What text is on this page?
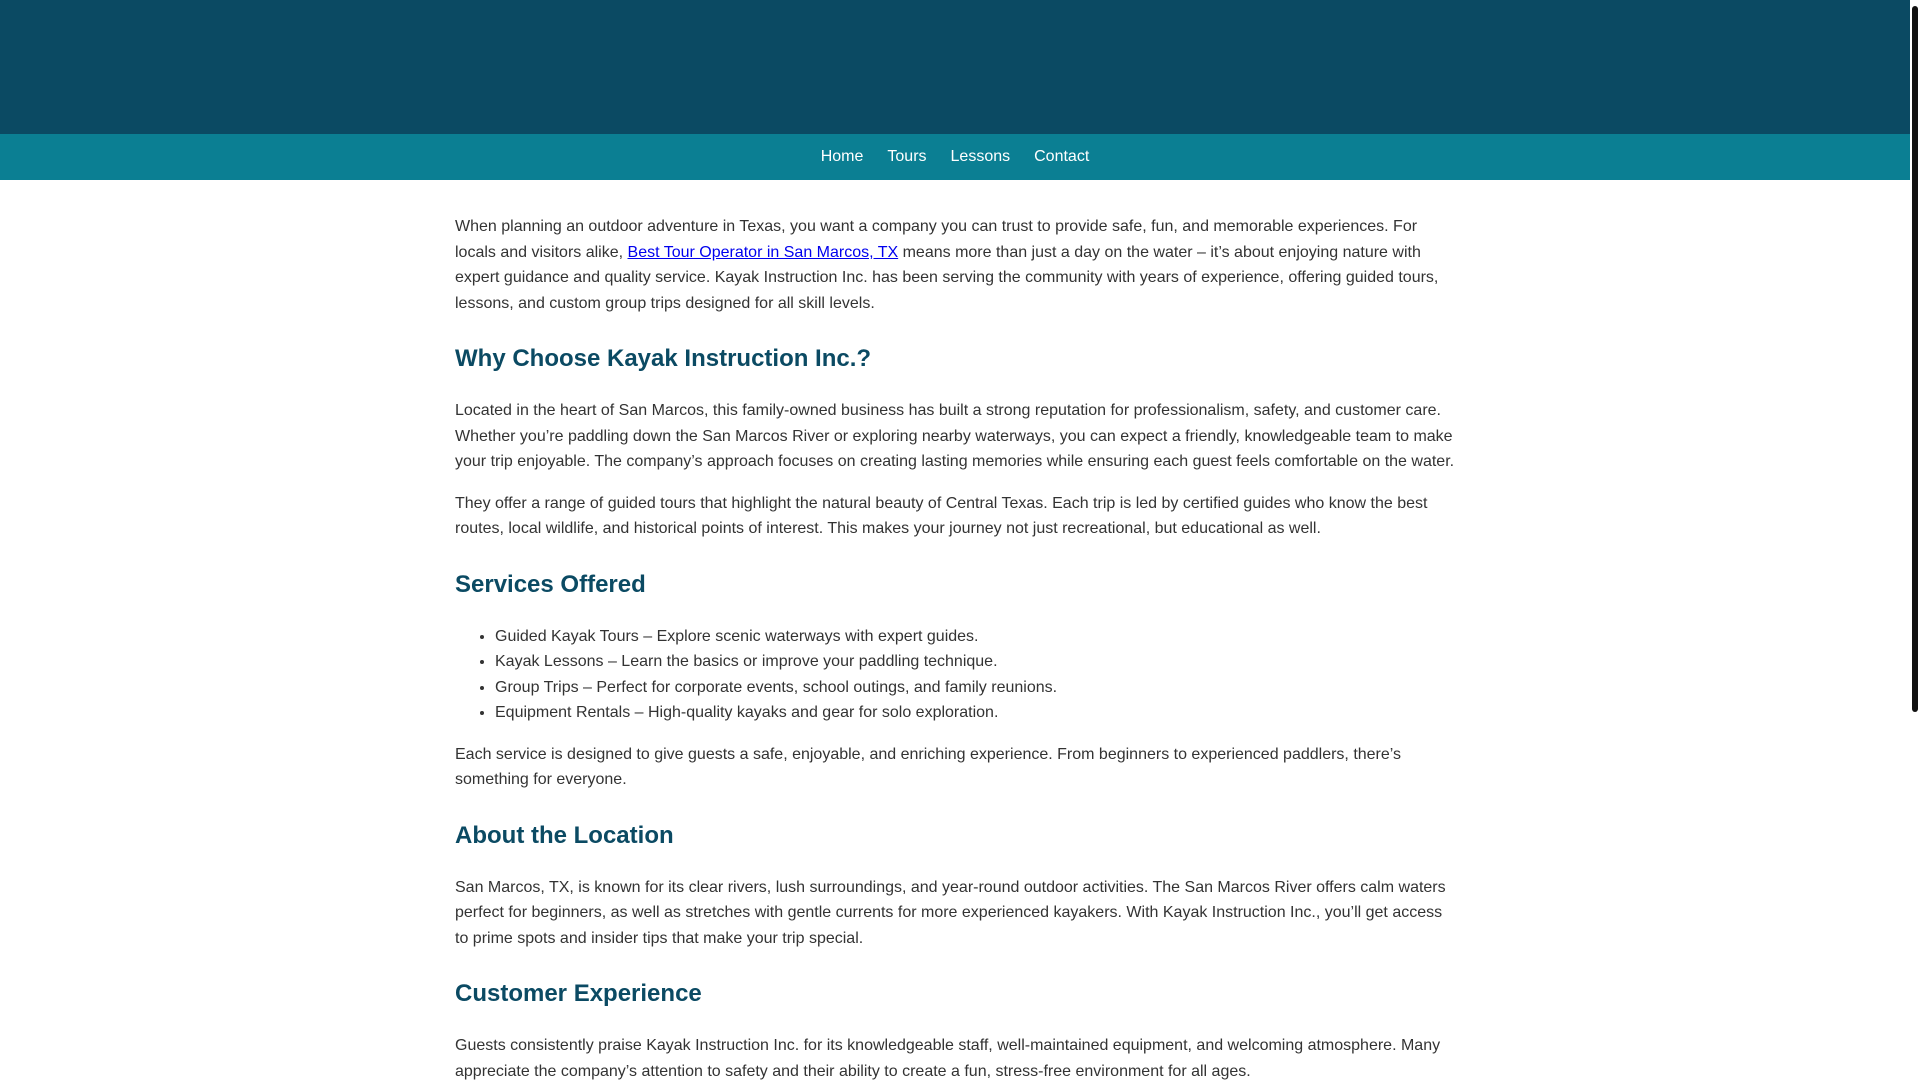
Home Tours Lessons Contact

When planning an outdoor adventure in Texas, you want a company you can trust to provide safe, fun, and memorable experiences. For locals and visitors alike, Best Tour Operator in San Marcos, TX means more than just a day on the water – it’s about enjoying nature with expert guidance and quality service. Kayak Instruction Inc. has been serving the community with years of experience, offering guided tours, lessons, and custom group trips designed for all skill levels.

Why Choose Kayak Instruction Inc.?

Located in the heart of San Marcos, this family-owned business has built a strong reputation for professionalism, safety, and customer care. Whether you’re paddling down the San Marcos River or exploring nearby waterways, you can expect a friendly, knowledgeable team to make your trip enjoyable. The company’s approach focuses on creating lasting memories while ensuring each guest feels comfortable on the water.

They offer a range of guided tours that highlight the natural beauty of Central Texas. Each trip is led by certified guides who know the best routes, local wildlife, and historical points of interest. This makes your journey not just recreational, but educational as well.

Services Offered
• Guided Kayak Tours – Explore scenic waterways with expert guides.
• Kayak Lessons – Learn the basics or improve your paddling technique.
• Group Trips – Perfect for corporate events, school outings, and family reunions.
• Equipment Rentals – High-quality kayaks and gear for solo exploration.

Each service is designed to give guests a safe, enjoyable, and enriching experience. From beginners to experienced paddlers, there’s something for everyone.

About the Location

San Marcos, TX, is known for its clear rivers, lush surroundings, and year-round outdoor activities. The San Marcos River offers calm waters perfect for beginners, as well as stretches with gentle currents for more experienced kayakers. With Kayak Instruction Inc., you’ll get access to prime spots and insider tips that make your trip special.

Customer Experience

Guests consistently praise Kayak Instruction Inc. for its knowledgeable staff, well-maintained equipment, and welcoming atmosphere. Many appreciate the company’s attention to safety and their ability to create a fun, stress-free environment for all ages.
